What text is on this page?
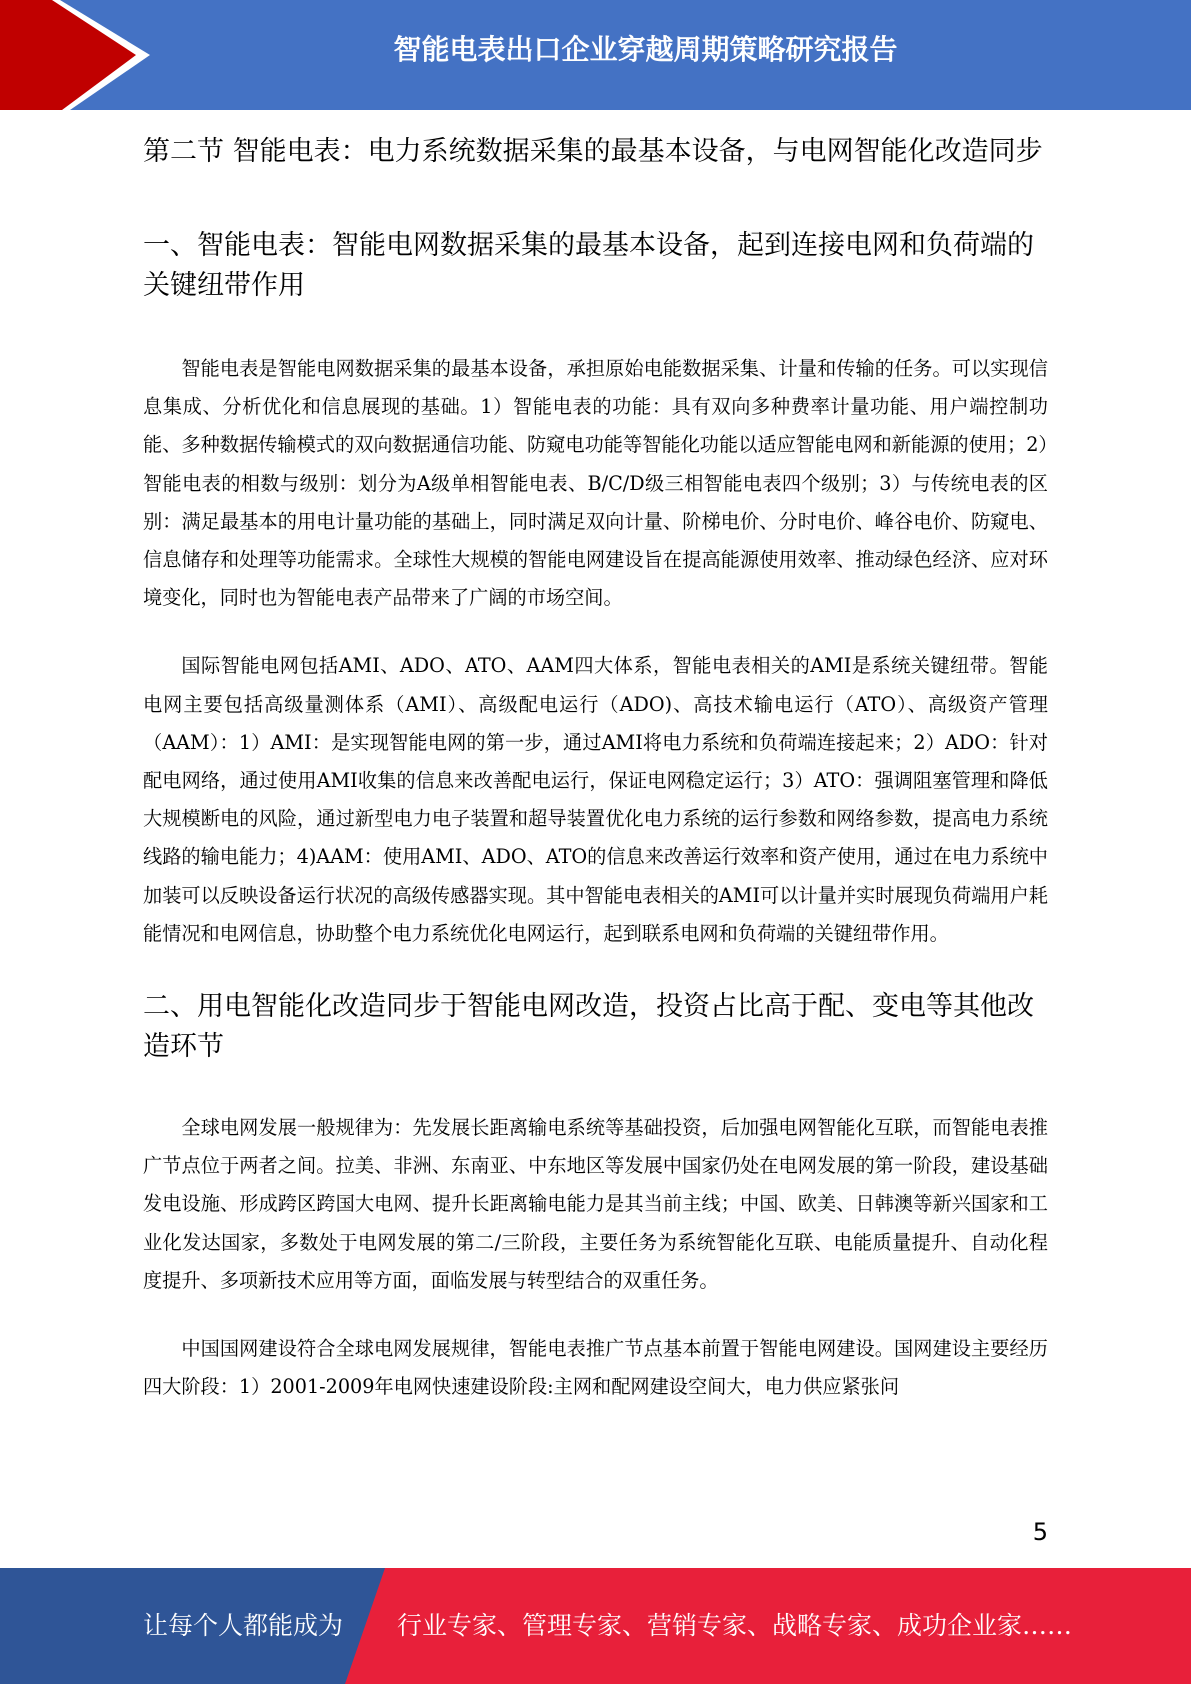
智能电表出口企业穿越周期策略研究报告
第二节 智能电表：电力系统数据采集的最基本设备，与电网智能化改造同步
一、智能电表：智能电网数据采集的最基本设备，起到连接电网和负荷端的关键纽带作用

智能电表是智能电网数据采集的最基本设备，承担原始电能数据采集、计量和传输的任务。可以实现信息集成、分析优化和信息展现的基础。1）智能电表的功能：具有双向多种费率计量功能、用户端控制功能、多种数据传输模式的双向数据通信功能、防窥电功能等智能化功能以适应智能电网和新能源的使用；2）智能电表的相数与级别：划分为A级单相智能电表、B/C/D级三相智能电表四个级别；3）与传统电表的区别：满足最基本的用电计量功能的基础上，同时满足双向计量、阶梯电价、分时电价、峰谷电价、防窥电、信息储存和处理等功能需求。全球性大规模的智能电网建设旨在提高能源使用效率、推动绿色经济、应对环境变化，同时也为智能电表产品带来了广阔的市场空间。

国际智能电网包括AMI、ADO、ATO、AAM四大体系，智能电表相关的AMI是系统关键纽带。智能电网主要包括高级量测体系（AMI）、高级配电运行（ADO)、高技术输电运行（ATO）、高级资产管理（AAM）：1）AMI：是实现智能电网的第一步，通过AMI将电力系统和负荷端连接起来；2）ADO：针对配电网络，通过使用AMI收集的信息来改善配电运行，保证电网稳定运行；3）ATO：强调阻塞管理和降低大规模断电的风险，通过新型电力电子装置和超导装置优化电力系统的运行参数和网络参数，提高电力系统线路的输电能力；4)AAM：使用AMI、ADO、ATO的信息来改善运行效率和资产使用，通过在电力系统中加装可以反映设备运行状况的高级传感器实现。其中智能电表相关的AMI可以计量并实时展现负荷端用户耗能情况和电网信息，协助整个电力系统优化电网运行，起到联系电网和负荷端的关键纽带作用。

二、用电智能化改造同步于智能电网改造，投资占比高于配、变电等其他改造环节

全球电网发展一般规律为：先发展长距离输电系统等基础投资，后加强电网智能化互联，而智能电表推广节点位于两者之间。拉美、非洲、东南亚、中东地区等发展中国家仍处在电网发展的第一阶段，建设基础发电设施、形成跨区跨国大电网、提升长距离输电能力是其当前主线；中国、欧美、日韩澳等新兴国家和工业化发达国家，多数处于电网发展的第二/三阶段，主要任务为系统智能化互联、电能质量提升、自动化程度提升、多项新技术应用等方面，面临发展与转型结合的双重任务。

中国国网建设符合全球电网发展规律，智能电表推广节点基本前置于智能电网建设。国网建设主要经历四大阶段：1）2001-2009年电网快速建设阶段:主网和配网建设空间大，电力供应紧张问

5
让每个人都能成为 行业专家、管理专家、营销专家、战略专家、成功企业家……
